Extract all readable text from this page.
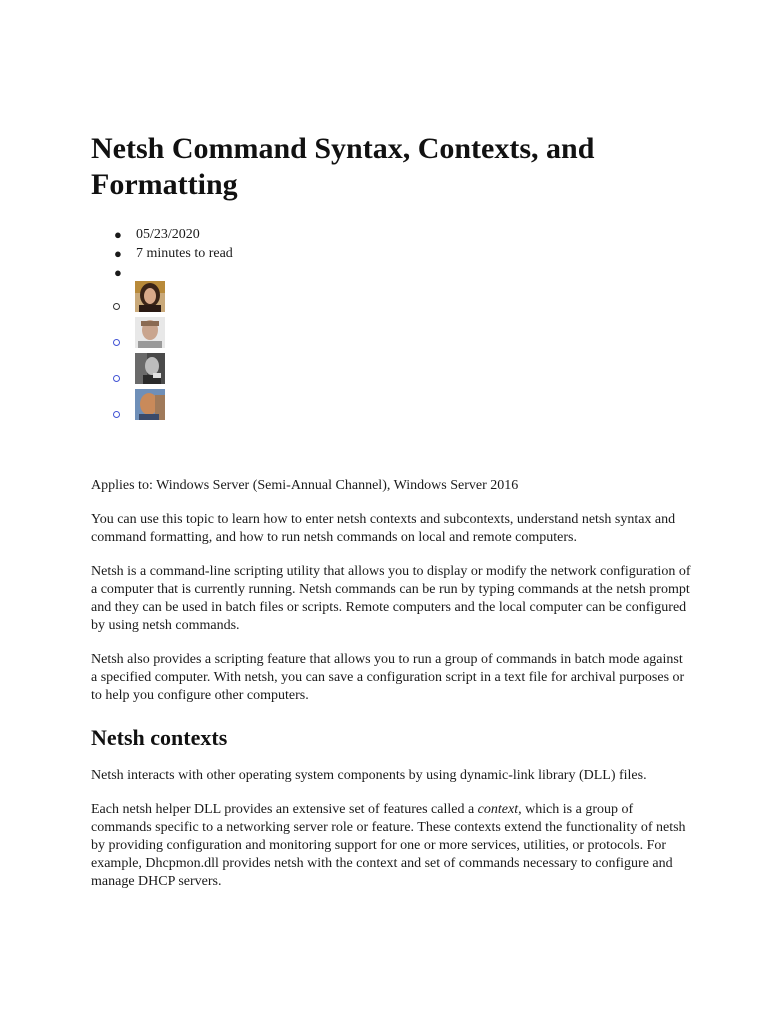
Netsh Command Syntax, Contexts, and Formatting
● 05/23/2020
● 7 minutes to read
●

Applies to: Windows Server (Semi-Annual Channel), Windows Server 2016

You can use this topic to learn how to enter netsh contexts and subcontexts, understand netsh syntax and command formatting, and how to run netsh commands on local and remote computers.

Netsh is a command-line scripting utility that allows you to display or modify the network configuration of a computer that is currently running. Netsh commands can be run by typing commands at the netsh prompt and they can be used in batch files or scripts. Remote computers and the local computer can be configured by using netsh commands.

Netsh also provides a scripting feature that allows you to run a group of commands in batch mode against a specified computer. With netsh, you can save a configuration script in a text file for archival purposes or to help you configure other computers.

Netsh contexts

Netsh interacts with other operating system components by using dynamic-link library (DLL) files.

Each netsh helper DLL provides an extensive set of features called a context, which is a group of commands specific to a networking server role or feature. These contexts extend the functionality of netsh by providing configuration and monitoring support for one or more services, utilities, or protocols. For example, Dhcpmon.dll provides netsh with the context and set of commands necessary to configure and manage DHCP servers.
